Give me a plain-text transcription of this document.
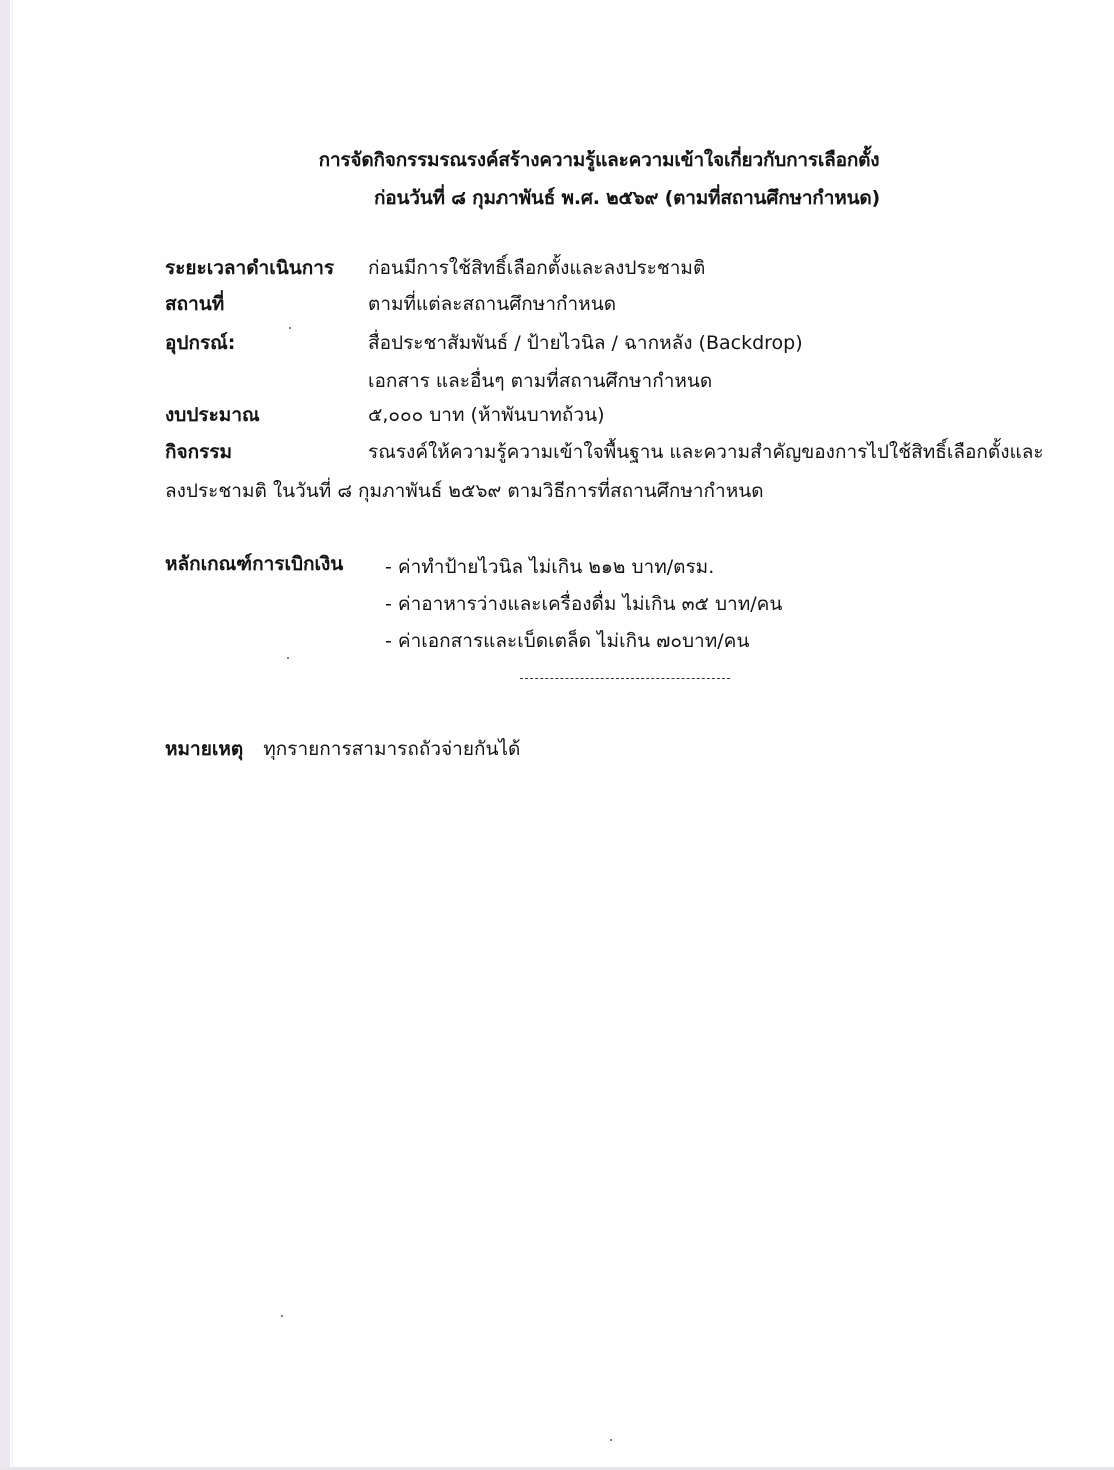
การจัดกิจกรรมรณรงค์สร้างความรู้และความเข้าใจเกี่ยวกับการเลือกตั้ง
ก่อนวันที่ ๘ กุมภาพันธ์ พ.ศ. ๒๕๖๙ (ตามที่สถานศึกษากำหนด)
ระยะเวลาดำเนินการ ก่อนมีการใช้สิทธิ์เลือกตั้งและลงประชามติ
สถานที่	ตามที่แต่ละสถานศึกษากำหนด
อุปกรณ์:	สื่อประชาสัมพันธ์ / ป้ายไวนิล / ฉากหลัง (Backdrop)
เอกสาร และอื่นๆ ตามที่สถานศึกษากำหนด
งบประมาณ	๕,๐๐๐ บาท (ห้าพันบาทถ้วน)
กิจกรรม	รณรงค์ให้ความรู้ความเข้าใจพื้นฐาน และความสำคัญของการไปใช้สิทธิ์เลือกตั้งและ
ลงประชามติ ในวันที่ ๘ กุมภาพันธ์ ๒๕๖๙ ตามวิธีการที่สถานศึกษากำหนด
หลักเกณฑ์การเบิกเงิน - ค่าทำป้ายไวนิล ไม่เกิน ๒๑๒ บาท/ตรม.
- ค่าอาหารว่างและเครื่องดื่ม ไม่เกิน ๓๕ บาท/คน
- ค่าเอกสารและเบ็ดเตล็ด ไม่เกิน ๗๐บาท/คน
หมายเหตุ ทุกรายการสามารถถัวจ่ายกันได้
